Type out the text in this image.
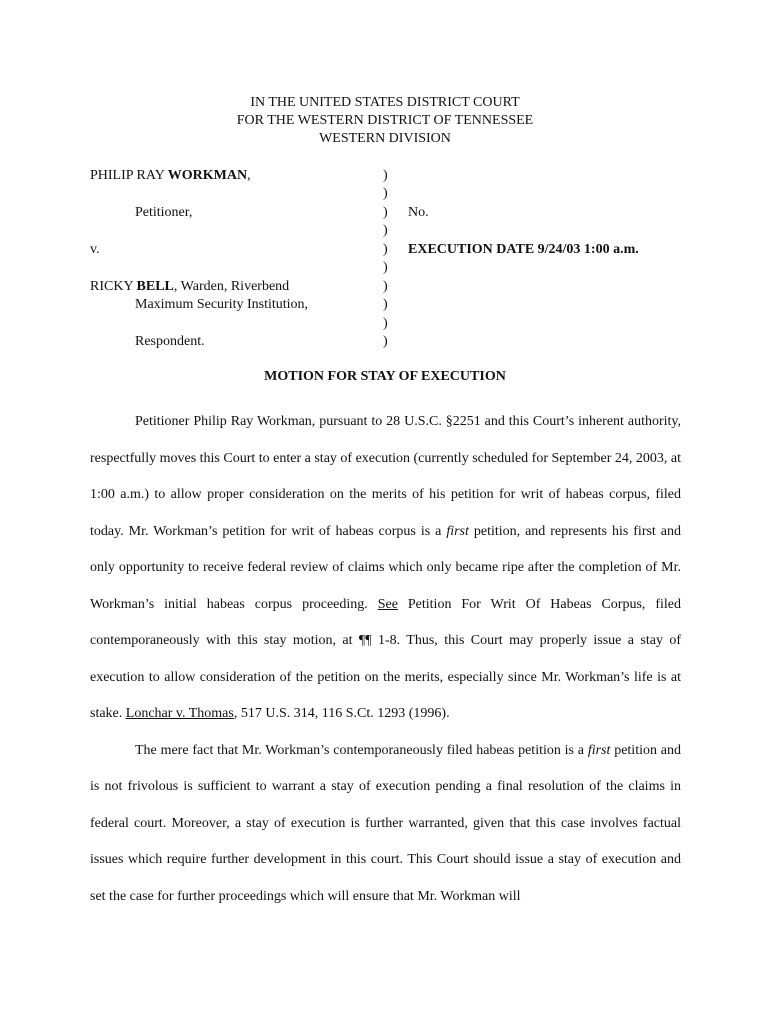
IN THE UNITED STATES DISTRICT COURT
FOR THE WESTERN DISTRICT OF TENNESSEE
WESTERN DIVISION
PHILIP RAY WORKMAN,
Petitioner,
v.
RICKY BELL, Warden, Riverbend
Maximum Security Institution,
Respondent.
)
)
)
)
)
)
)
)
)
)
No.
EXECUTION DATE 9/24/03 1:00 a.m.
MOTION FOR STAY OF EXECUTION

Petitioner Philip Ray Workman, pursuant to 28 U.S.C. §2251 and this Court’s inherent authority, respectfully moves this Court to enter a stay of execution (currently scheduled for September 24, 2003, at 1:00 a.m.) to allow proper consideration on the merits of his petition for writ of habeas corpus, filed today. Mr. Workman’s petition for writ of habeas corpus is a first petition, and represents his first and only opportunity to receive federal review of claims which only became ripe after the completion of Mr. Workman’s initial habeas corpus proceeding. See Petition For Writ Of Habeas Corpus, filed contemporaneously with this stay motion, at ¶¶ 1-8. Thus, this Court may properly issue a stay of execution to allow consideration of the petition on the merits, especially since Mr. Workman’s life is at stake. Lonchar v. Thomas, 517 U.S. 314, 116 S.Ct. 1293 (1996).

The mere fact that Mr. Workman’s contemporaneously filed habeas petition is a first petition and is not frivolous is sufficient to warrant a stay of execution pending a final resolution of the claims in federal court. Moreover, a stay of execution is further warranted, given that this case involves factual issues which require further development in this court. This Court should issue a stay of execution and set the case for further proceedings which will ensure that Mr. Workman will
